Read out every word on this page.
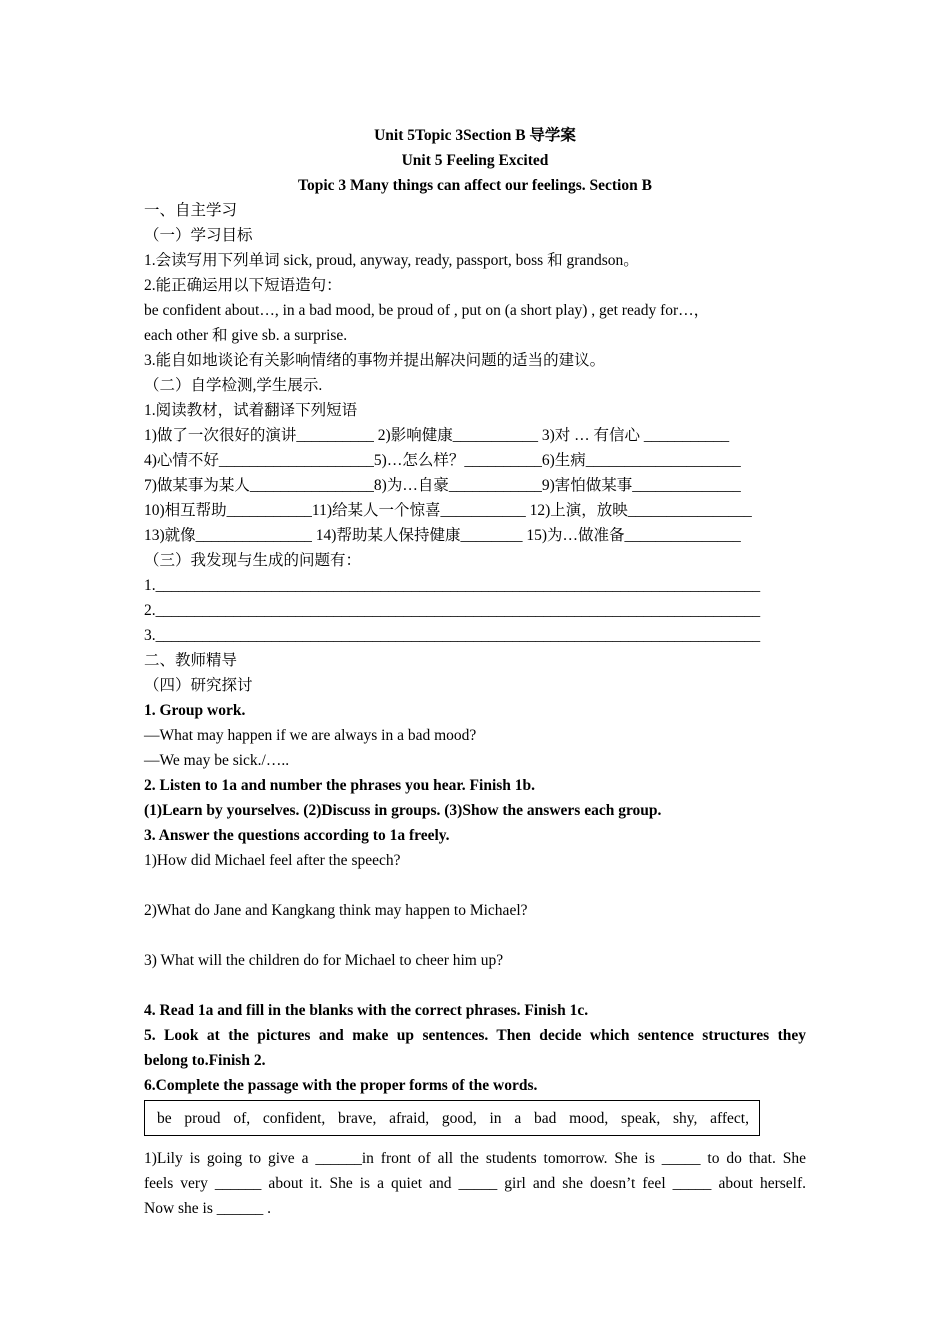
Unit 5Topic 3Section B 导学案
Unit 5 Feeling Excited
Topic 3 Many things can affect our feelings. Section B
一、自主学习
（一）学习目标
1.会读写用下列单词 sick, proud, anyway, ready, passport, boss 和 grandson。
2.能正确运用以下短语造句：
be confident about…, in a bad mood, be proud of , put on (a short play) , get ready for…，
each other 和 give sb. a surprise.
3.能自如地谈论有关影响情绪的事物并提出解决问题的适当的建议。
（二）自学检测,学生展示.
1.阅读教材，试着翻译下列短语
1)做了一次很好的演讲__________ 2)影响健康___________ 3)对 … 有信心 ___________
4)心情不好____________________5)…怎么样？__________6)生病____________________
7)做某事为某人________________8)为…自豪____________9)害怕做某事______________
10)相互帮助___________11)给某人一个惊喜___________ 12)上演，放映________________
13)就像_______________ 14)帮助某人保持健康________ 15)为…做准备_______________
（三）我发现与生成的问题有：
1.______________________________________________________________________________
2.______________________________________________________________________________
3.______________________________________________________________________________
二、教师精导
（四）研究探讨
1. Group work.
—What may happen if we are always in a bad mood?
—We may be sick./…..
2. Listen to 1a and number the phrases you hear. Finish 1b.
(1)Learn by yourselves. (2)Discuss in groups. (3)Show the answers each group.
3. Answer the questions according to 1a freely.
1)How did Michael feel after the speech?
2)What do Jane and Kangkang think may happen to Michael?
3) What will the children do for Michael to cheer him up?
4. Read 1a and fill in the blanks with the correct phrases. Finish 1c.
5. Look at the pictures and make up sentences. Then decide which sentence structures they
belong to.Finish 2.
6.Complete the passage with the proper forms of the words.
be proud of, confident, brave, afraid, good, in a bad mood, speak, shy, affect,
1)Lily is going to give a ______in front of all the students tomorrow. She is _____ to do that. She
feels very ______ about it. She is a quiet and _____ girl and she doesn’t feel _____ about herself.
Now she is ______ .
